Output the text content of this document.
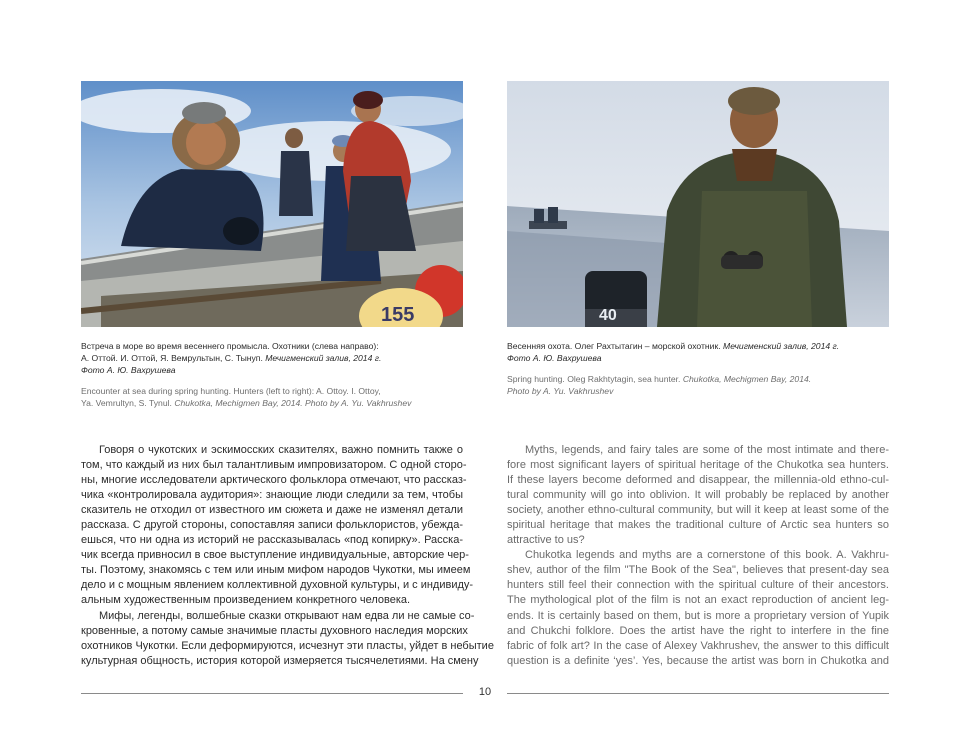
155	40
Встреча в море во время весеннего промысла. Охотники (слева направо):
А. Оттой. И. Оттой, Я. Вемрультын, С. Тынуп. Мечигменский залив, 2014 г.
Фото А. Ю. Вахрушева

Encounter at sea during spring hunting. Hunters (left to right): A. Ottoy. I. Ottoy,
Ya. Vemrultyn, S. Tynul. Chukotka, Mechigmen Bay, 2014. Photo by A. Yu. Vakhrushev

Весенняя охота. Олег Рахтытагин – морской охотник. Мечигменский залив, 2014 г.
Фото А. Ю. Вахрушева

Spring hunting. Oleg Rakhtytagin, sea hunter. Chukotka, Mechigmen Bay, 2014.
Photo by A. Yu. Vakhrushev

Говоря о чукотских и эскимосских сказителях, важно помнить также о
том, что каждый из них был талантливым импровизатором. С одной сторо-
ны, многие исследователи арктического фольклора отмечают, что рассказ-
чика «контролировала аудитория»: знающие люди следили за тем, чтобы
сказитель не отходил от известного им сюжета и даже не изменял детали
рассказа. С другой стороны, сопоставляя записи фольклористов, убежда-
ешься, что ни одна из историй не рассказывалась «под копирку». Расска-
чик всегда привносил в свое выступление индивидуальные, авторские чер-
ты. Поэтому, знакомясь с тем или иным мифом народов Чукотки, мы имеем
дело и с мощным явлением коллективной духовной культуры, и с индивиду-
альным художественным произведением конкретного человека.
Мифы, легенды, волшебные сказки открывают нам едва ли не самые со-
кровенные, а потому самые значимые пласты духовного наследия морских
охотников Чукотки. Если деформируются, исчезнут эти пласты, уйдет в небытие
культурная общность, история которой измеряется тысячелетиями. На смену
Myths, legends, and fairy tales are some of the most intimate and there-
fore most significant layers of spiritual heritage of the Chukotka sea hunters.
If these layers become deformed and disappear, the millennia-old ethno-cul-
tural community will go into oblivion. It will probably be replaced by another
society, another ethno-cultural community, but will it keep at least some of the
spiritual heritage that makes the traditional culture of Arctic sea hunters so
attractive to us?
Chukotka legends and myths are a cornerstone of this book. A. Vakhru-
shev, author of the film "The Book of the Sea", believes that present-day sea
hunters still feel their connection with the spiritual culture of their ancestors.
The mythological plot of the film is not an exact reproduction of ancient leg-
ends. It is certainly based on them, but is more a proprietary version of Yupik
and Chukchi folklore. Does the artist have the right to interfere in the fine
fabric of folk art? In the case of Alexey Vakhrushev, the answer to this difficult
question is a definite ‘yes’. Yes, because the artist was born in Chukotka and
10
